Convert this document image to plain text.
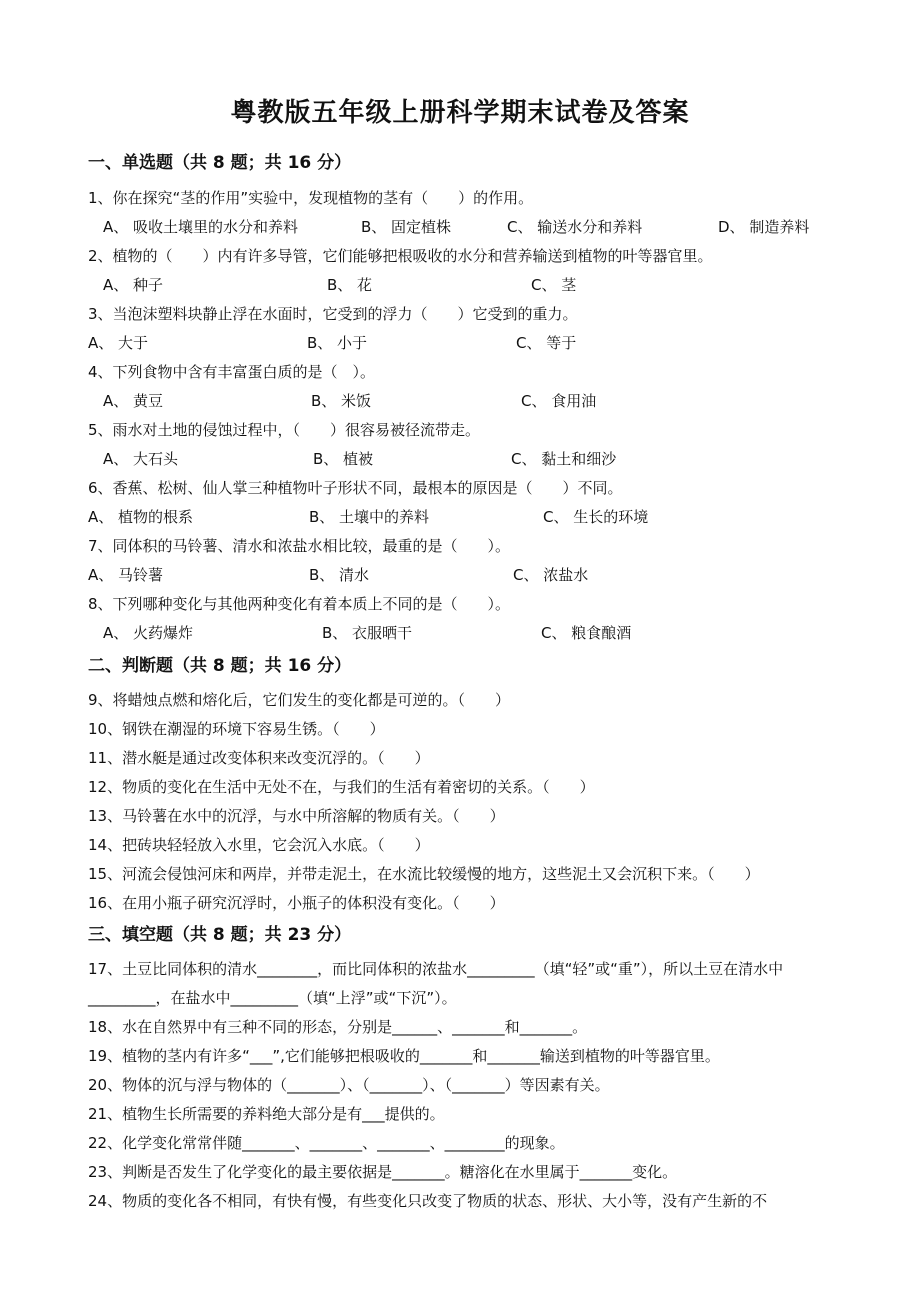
粤教版五年级上册科学期末试卷及答案
一、单选题（共 8 题；共 16 分）
1、你在探究“茎的作用”实验中，发现植物的茎有（　　）的作用。
A、 吸收土壤里的水分和养料	B、 固定植株	C、 输送水分和养料	D、 制造养料
2、植物的（　　）内有许多导管，它们能够把根吸收的水分和营养输送到植物的叶等器官里。
A、 种子	B、 花	C、 茎
3、当泡沫塑料块静止浮在水面时，它受到的浮力（　　）它受到的重力。
A、 大于	B、 小于	C、 等于
4、下列食物中含有丰富蛋白质的是（　）。
A、 黄豆	B、 米饭	C、 食用油
5、雨水对土地的侵蚀过程中，（　　）很容易被径流带走。
A、 大石头	B、 植被	C、 黏土和细沙
6、香蕉、松树、仙人掌三种植物叶子形状不同，最根本的原因是（　　）不同。
A、 植物的根系	B、 土壤中的养料	C、 生长的环境
7、同体积的马铃薯、清水和浓盐水相比较，最重的是（　　）。
A、 马铃薯	B、 清水	C、 浓盐水
8、下列哪种变化与其他两种变化有着本质上不同的是（　　）。
A、 火药爆炸	B、 衣服晒干	C、 粮食酿酒
二、判断题（共 8 题；共 16 分）
9、将蜡烛点燃和熔化后，它们发生的变化都是可逆的。（　　）
10、钢铁在潮湿的环境下容易生锈。（　　）
11、潜水艇是通过改变体积来改变沉浮的。（　　）
12、物质的变化在生活中无处不在，与我们的生活有着密切的关系。（　　）
13、马铃薯在水中的沉浮，与水中所溶解的物质有关。（　　）
14、把砖块轻轻放入水里，它会沉入水底。（　　）
15、河流会侵蚀河床和两岸，并带走泥土，在水流比较缓慢的地方，这些泥土又会沉积下来。（　　）
16、在用小瓶子研究沉浮时，小瓶子的体积没有变化。（　　）
三、填空题（共 8 题；共 23 分）
17、土豆比同体积的清水________，而比同体积的浓盐水_________（填“轻”或“重”），所以土豆在清水中
_________，在盐水中_________（填“上浮”或“下沉”）。
18、水在自然界中有三种不同的形态，分别是______、_______和_______。
19、植物的茎内有许多“___”,它们能够把根吸收的_______和_______输送到植物的叶等器官里。
20、物体的沉与浮与物体的（_______）、（_______）、（_______）等因素有关。
21、植物生长所需要的养料绝大部分是有___提供的。
22、化学变化常常伴随_______、_______、_______、________的现象。
23、判断是否发生了化学变化的最主要依据是_______。糖溶化在水里属于_______变化。
24、物质的变化各不相同，有快有慢，有些变化只改变了物质的状态、形状、大小等，没有产生新的不
